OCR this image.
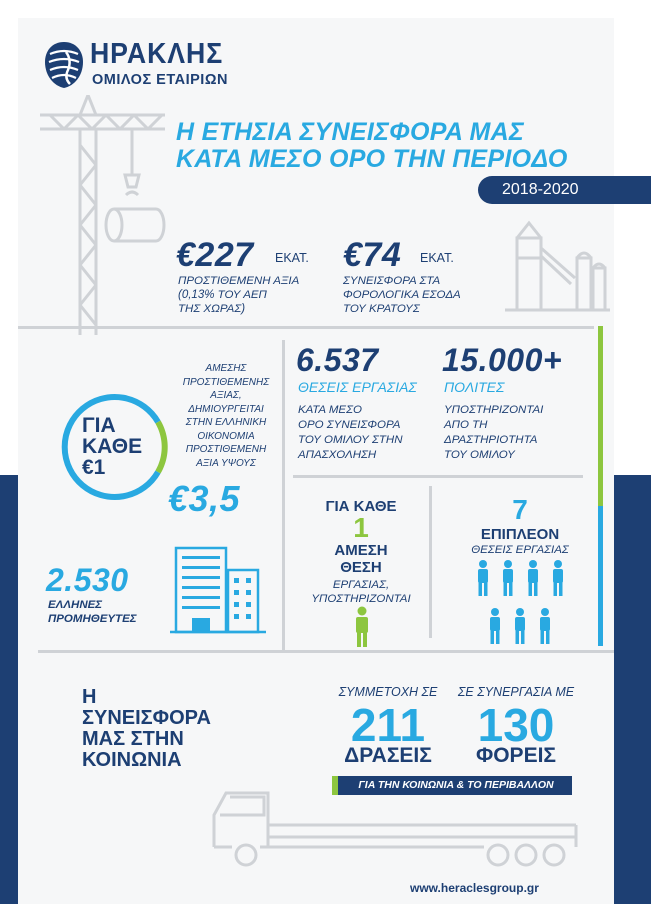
ΗΡΑΚΛΗΣ
ΟΜΙΛΟΣ ΕΤΑΙΡΙΩΝ
Η ΕΤΗΣΙΑ ΣΥΝΕΙΣΦΟΡΑ ΜΑΣ
ΚΑΤΑ ΜΕΣΟ ΟΡΟ ΤΗΝ ΠΕΡΙΟΔΟ
2018-2020
€227 ΕΚΑΤ.
ΠΡΟΣΤΙΘΕΜΕΝΗ ΑΞΙΑ
(0,13% ΤΟΥ ΑΕΠ
ΤΗΣ ΧΩΡΑΣ)
€74 ΕΚΑΤ.
ΣΥΝΕΙΣΦΟΡΑ ΣΤΑ
ΦΟΡΟΛΟΓΙΚΑ ΕΣΟΔΑ
ΤΟΥ ΚΡΑΤΟΥΣ
ΓΙΑ
ΚΑΘΕ
€1
ΑΜΕΣΗΣ
ΠΡΟΣΤΙΘΕΜΕΝΗΣ
ΑΞΙΑΣ,
ΔΗΜΙΟΥΡΓΕΙΤΑΙ
ΣΤΗΝ ΕΛΛΗΝΙΚΗ
ΟΙΚΟΝΟΜΙΑ
ΠΡΟΣΤΙΘΕΜΕΝΗ
ΑΞΙΑ ΥΨΟΥΣ
€3,5
6.537
ΘΕΣΕΙΣ ΕΡΓΑΣΙΑΣ
ΚΑΤΑ ΜΕΣΟ
ΟΡΟ ΣΥΝΕΙΣΦΟΡΑ
ΤΟΥ ΟΜΙΛΟΥ ΣΤΗΝ
ΑΠΑΣΧΟΛΗΣΗ
15.000+
ΠΟΛΙΤΕΣ
ΥΠΟΣΤΗΡΙΖΟΝΤΑΙ
ΑΠΟ ΤΗ
ΔΡΑΣΤΗΡΙΟΤΗΤΑ
ΤΟΥ ΟΜΙΛΟΥ
2.530
ΕΛΛΗΝΕΣ
ΠΡΟΜΗΘΕΥΤΕΣ
ΓΙΑ ΚΑΘΕ
1
ΑΜΕΣΗ
ΘΕΣΗ
ΕΡΓΑΣΙΑΣ,
ΥΠΟΣΤΗΡΙΖΟΝΤΑΙ
7
ΕΠΙΠΛΕΟΝ
ΘΕΣΕΙΣ ΕΡΓΑΣΙΑΣ
Η
ΣΥΝΕΙΣΦΟΡΑ
ΜΑΣ ΣΤΗΝ
ΚΟΙΝΩΝΙΑ
ΣΥΜΜΕΤΟΧΗ ΣΕ
211
ΔΡΑΣΕΙΣ
ΣΕ ΣΥΝΕΡΓΑΣΙΑ ΜΕ
130
ΦΟΡΕΙΣ
ΓΙΑ ΤΗΝ ΚΟΙΝΩΝΙΑ & ΤΟ ΠΕΡΙΒΑΛΛΟΝ
www.heraclesgroup.gr
